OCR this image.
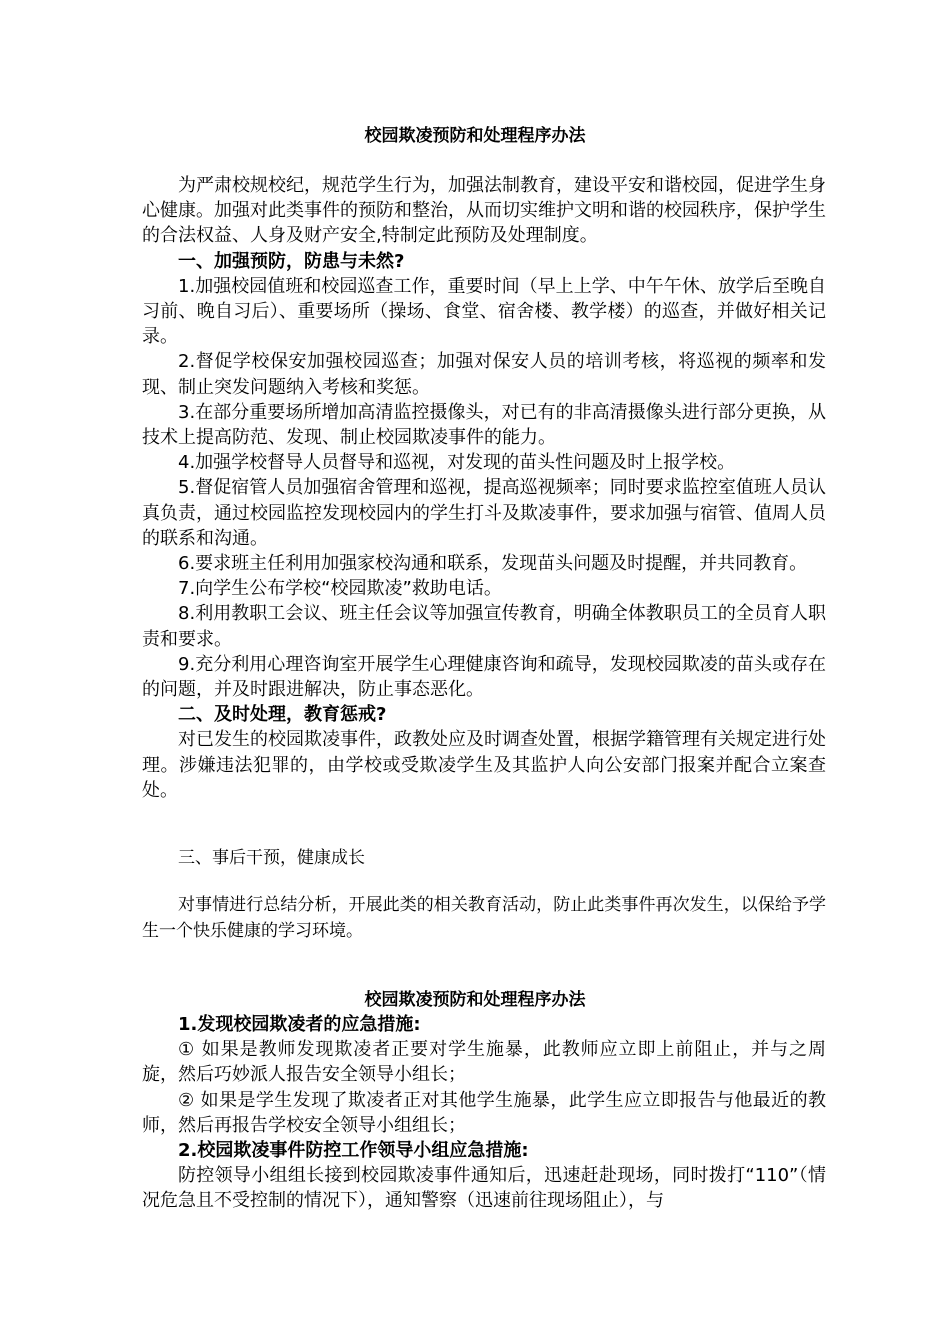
校园欺凌预防和处理程序办法

为严肃校规校纪，规范学生行为，加强法制教育，建设平安和谐校园，促进学生身心健康。加强对此类事件的预防和整治，从而切实维护文明和谐的校园秩序，保护学生的合法权益、人身及财产安全,特制定此预防及处理制度。

一、加强预防，防患与未然?

1.加强校园值班和校园巡查工作，重要时间（早上上学、中午午休、放学后至晚自习前、晚自习后）、重要场所（操场、食堂、宿舍楼、教学楼）的巡查，并做好相关记录。

2.督促学校保安加强校园巡查；加强对保安人员的培训考核，将巡视的频率和发现、制止突发问题纳入考核和奖惩。

3.在部分重要场所增加高清监控摄像头，对已有的非高清摄像头进行部分更换，从技术上提高防范、发现、制止校园欺凌事件的能力。

4.加强学校督导人员督导和巡视，对发现的苗头性问题及时上报学校。

5.督促宿管人员加强宿舍管理和巡视，提高巡视频率；同时要求监控室值班人员认真负责，通过校园监控发现校园内的学生打斗及欺凌事件，要求加强与宿管、值周人员的联系和沟通。

6.要求班主任利用加强家校沟通和联系，发现苗头问题及时提醒，并共同教育。

7.向学生公布学校“校园欺凌”救助电话。

8.利用教职工会议、班主任会议等加强宣传教育，明确全体教职员工的全员育人职责和要求。

9.充分利用心理咨询室开展学生心理健康咨询和疏导，发现校园欺凌的苗头或存在的问题，并及时跟进解决，防止事态恶化。

二、及时处理，教育惩戒?

对已发生的校园欺凌事件，政教处应及时调查处置，根据学籍管理有关规定进行处理。涉嫌违法犯罪的，由学校或受欺凌学生及其监护人向公安部门报案并配合立案查处。

三、事后干预，健康成长

对事情进行总结分析，开展此类的相关教育活动，防止此类事件再次发生，以保给予学生一个快乐健康的学习环境。

校园欺凌预防和处理程序办法

1.发现校园欺凌者的应急措施:

① 如果是教师发现欺凌者正要对学生施暴，此教师应立即上前阻止，并与之周旋，然后巧妙派人报告安全领导小组长；

② 如果是学生发现了欺凌者正对其他学生施暴，此学生应立即报告与他最近的教师，然后再报告学校安全领导小组组长；

2.校园欺凌事件防控工作领导小组应急措施:

防控领导小组组长接到校园欺凌事件通知后，迅速赶赴现场，同时拨打“110”（情况危急且不受控制的情况下），通知警察（迅速前往现场阻止），与
